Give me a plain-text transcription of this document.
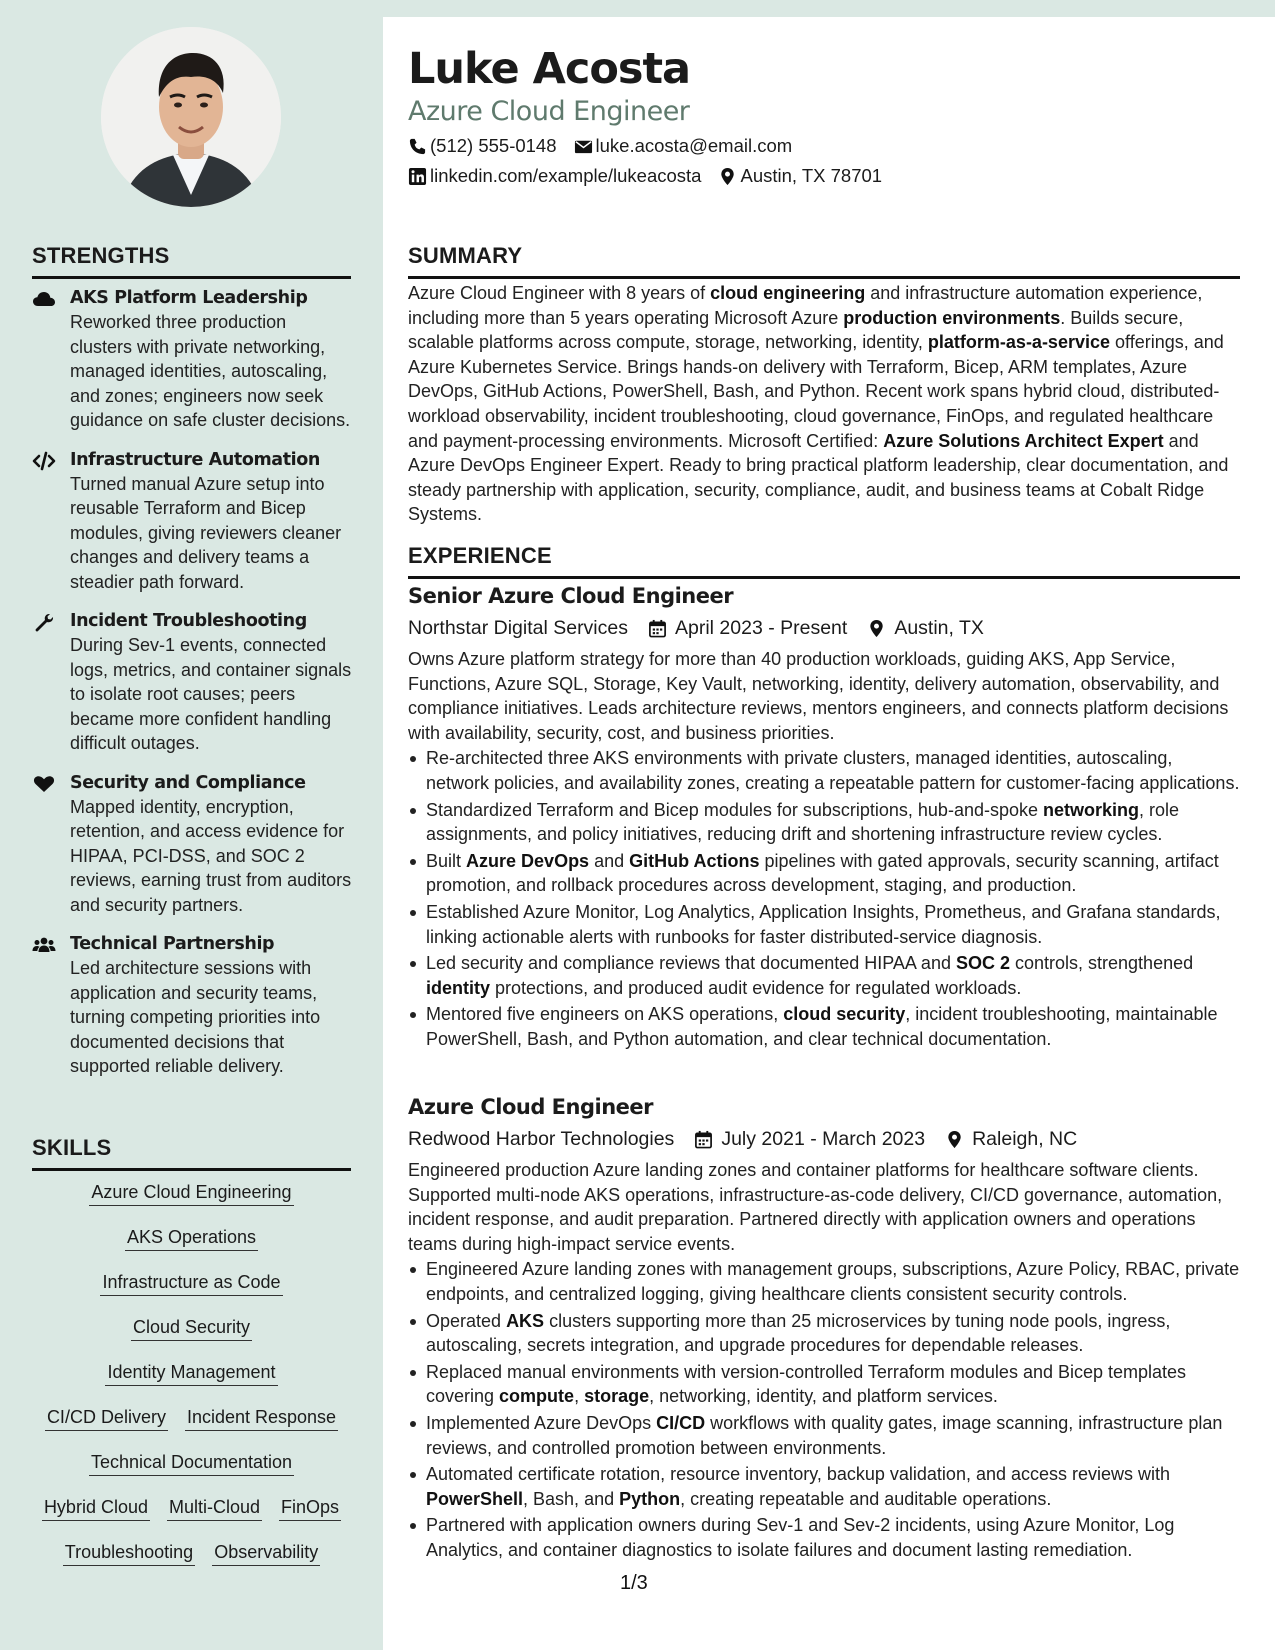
Luke Acosta
Azure Cloud Engineer
(512) 555-0148 luke.acosta@email.com
linkedin.com/example/lukeacosta Austin, TX 78701
STRENGTHS
AKS Platform Leadership
Reworked three production clusters with private networking, managed identities, autoscaling, and zones; engineers now seek guidance on safe cluster decisions.
Infrastructure Automation
Turned manual Azure setup into reusable Terraform and Bicep modules, giving reviewers cleaner changes and delivery teams a steadier path forward.
Incident Troubleshooting
During Sev-1 events, connected logs, metrics, and container signals to isolate root causes; peers became more confident handling difficult outages.
Security and Compliance
Mapped identity, encryption, retention, and access evidence for HIPAA, PCI-DSS, and SOC 2 reviews, earning trust from auditors and security partners.
Technical Partnership
Led architecture sessions with application and security teams, turning competing priorities into documented decisions that supported reliable delivery.
SKILLS
Azure Cloud Engineering
AKS Operations
Infrastructure as Code
Cloud Security
Identity Management
CI/CD Delivery Incident Response
Technical Documentation
Hybrid Cloud Multi-Cloud FinOps
Troubleshooting Observability
SUMMARY
Azure Cloud Engineer with 8 years of cloud engineering and infrastructure automation experience, including more than 5 years operating Microsoft Azure production environments. Builds secure, scalable platforms across compute, storage, networking, identity, platform-as-a-service offerings, and Azure Kubernetes Service. Brings hands-on delivery with Terraform, Bicep, ARM templates, Azure DevOps, GitHub Actions, PowerShell, Bash, and Python. Recent work spans hybrid cloud, distributed-workload observability, incident troubleshooting, cloud governance, FinOps, and regulated healthcare and payment-processing environments. Microsoft Certified: Azure Solutions Architect Expert and Azure DevOps Engineer Expert. Ready to bring practical platform leadership, clear documentation, and steady partnership with application, security, compliance, audit, and business teams at Cobalt Ridge Systems.
EXPERIENCE
Senior Azure Cloud Engineer
Northstar Digital Services April 2023 - Present Austin, TX
Owns Azure platform strategy for more than 40 production workloads, guiding AKS, App Service, Functions, Azure SQL, Storage, Key Vault, networking, identity, delivery automation, observability, and compliance initiatives. Leads architecture reviews, mentors engineers, and connects platform decisions with availability, security, cost, and business priorities.
Re-architected three AKS environments with private clusters, managed identities, autoscaling, network policies, and availability zones, creating a repeatable pattern for customer-facing applications.
Standardized Terraform and Bicep modules for subscriptions, hub-and-spoke networking, role assignments, and policy initiatives, reducing drift and shortening infrastructure review cycles.
Built Azure DevOps and GitHub Actions pipelines with gated approvals, security scanning, artifact promotion, and rollback procedures across development, staging, and production.
Established Azure Monitor, Log Analytics, Application Insights, Prometheus, and Grafana standards, linking actionable alerts with runbooks for faster distributed-service diagnosis.
Led security and compliance reviews that documented HIPAA and SOC 2 controls, strengthened identity protections, and produced audit evidence for regulated workloads.
Mentored five engineers on AKS operations, cloud security, incident troubleshooting, maintainable PowerShell, Bash, and Python automation, and clear technical documentation.
Azure Cloud Engineer
Redwood Harbor Technologies July 2021 - March 2023 Raleigh, NC
Engineered production Azure landing zones and container platforms for healthcare software clients. Supported multi-node AKS operations, infrastructure-as-code delivery, CI/CD governance, automation, incident response, and audit preparation. Partnered directly with application owners and operations teams during high-impact service events.
Engineered Azure landing zones with management groups, subscriptions, Azure Policy, RBAC, private endpoints, and centralized logging, giving healthcare clients consistent security controls.
Operated AKS clusters supporting more than 25 microservices by tuning node pools, ingress, autoscaling, secrets integration, and upgrade procedures for dependable releases.
Replaced manual environments with version-controlled Terraform modules and Bicep templates covering compute, storage, networking, identity, and platform services.
Implemented Azure DevOps CI/CD workflows with quality gates, image scanning, infrastructure plan reviews, and controlled promotion between environments.
Automated certificate rotation, resource inventory, backup validation, and access reviews with PowerShell, Bash, and Python, creating repeatable and auditable operations.
Partnered with application owners during Sev-1 and Sev-2 incidents, using Azure Monitor, Log Analytics, and container diagnostics to isolate failures and document lasting remediation.
1/3
